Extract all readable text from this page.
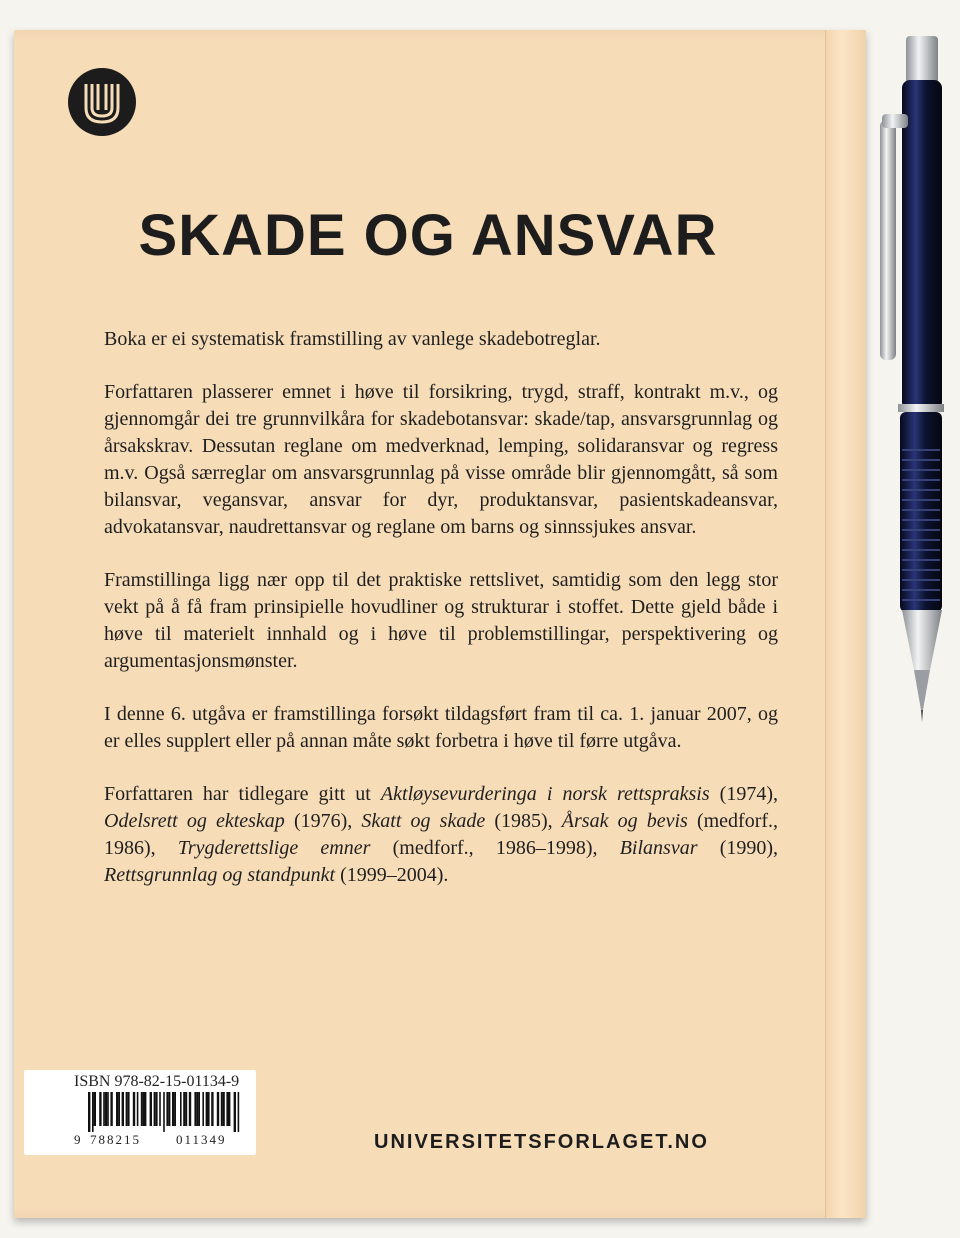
SKADE OG ANSVAR

Boka er ei systematisk framstilling av vanlege skadebotreglar.

Forfattaren plasserer emnet i høve til forsikring, trygd, straff, kontrakt m.v., og gjennomgår dei tre grunnvilkåra for skadebotansvar: skade/tap, ansvarsgrunnlag og årsakskrav. Dessutan reglane om medverknad, lemping, solidaransvar og regress m.v. Også særreglar om ansvarsgrunnlag på visse område blir gjennomgått, så som bilansvar, vegansvar, ansvar for dyr, produktansvar, pasientskadeansvar, advokatansvar, naudrettansvar og reglane om barns og sinnssjukes ansvar.

Framstillinga ligg nær opp til det praktiske rettslivet, samtidig som den legg stor vekt på å få fram prinsipielle hovudliner og strukturar i stoffet. Dette gjeld både i høve til materielt innhald og i høve til problemstillingar, perspektivering og argumentasjonsmønster.

I denne 6. utgåva er framstillinga forsøkt tildagsført fram til ca. 1. januar 2007, og er elles supplert eller på annan måte søkt forbetra i høve til førre utgåva.

Forfattaren har tidlegare gitt ut Aktløysevurderinga i norsk rettspraksis (1974), Odelsrett og ekteskap (1976), Skatt og skade (1985), Årsak og bevis (medforf., 1986), Trygderettslige emner (medforf., 1986–1998), Bilansvar (1990), Rettsgrunnlag og standpunkt (1999–2004).

ISBN 978-82-15-01134-9
9 788215	011349	UNIVERSITETSFORLAGET.NO
